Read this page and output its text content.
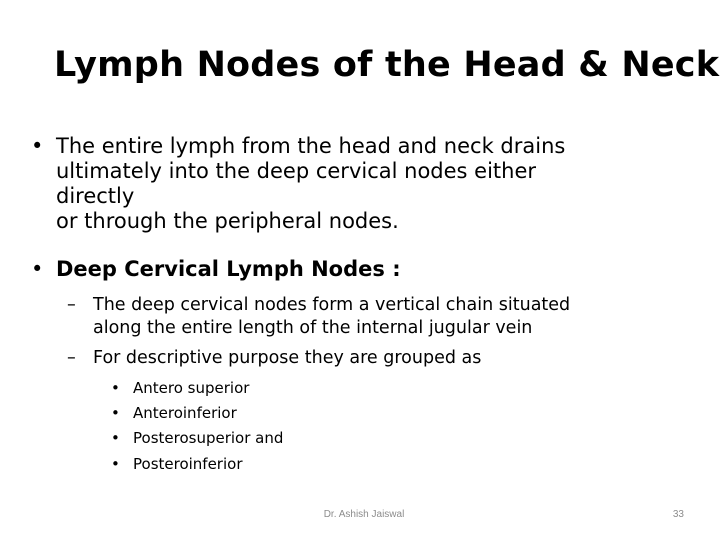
Lymph Nodes of the Head & Neck
• The entire lymph from the head and neck drains
ultimately into the deep cervical nodes either
directly
or through the peripheral nodes.
• Deep Cervical Lymph Nodes :
– The deep cervical nodes form a vertical chain situated
along the entire length of the internal jugular vein
– For descriptive purpose they are grouped as
• Antero superior
• Anteroinferior
• Posterosuperior and
• Posteroinferior
Dr. Ashish Jaiswal	33
